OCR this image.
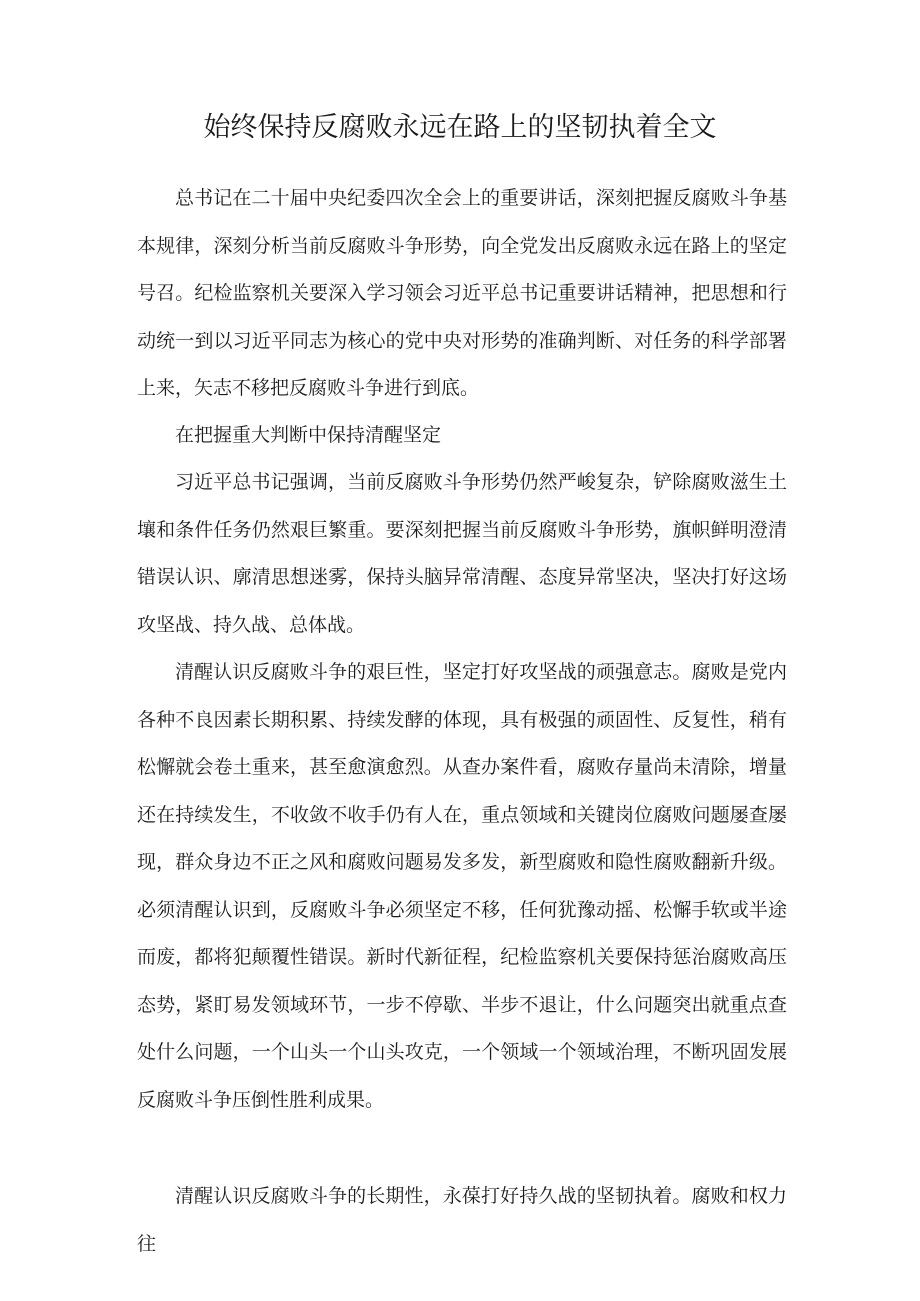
始终保持反腐败永远在路上的坚韧执着全文

总书记在二十届中央纪委四次全会上的重要讲话，深刻把握反腐败斗争基本规律，深刻分析当前反腐败斗争形势，向全党发出反腐败永远在路上的坚定号召。纪检监察机关要深入学习领会习近平总书记重要讲话精神，把思想和行动统一到以习近平同志为核心的党中央对形势的准确判断、对任务的科学部署上来，矢志不移把反腐败斗争进行到底。

在把握重大判断中保持清醒坚定

习近平总书记强调，当前反腐败斗争形势仍然严峻复杂，铲除腐败滋生土壤和条件任务仍然艰巨繁重。要深刻把握当前反腐败斗争形势，旗帜鲜明澄清错误认识、廓清思想迷雾，保持头脑异常清醒、态度异常坚决，坚决打好这场攻坚战、持久战、总体战。

清醒认识反腐败斗争的艰巨性，坚定打好攻坚战的顽强意志。腐败是党内各种不良因素长期积累、持续发酵的体现，具有极强的顽固性、反复性，稍有松懈就会卷土重来，甚至愈演愈烈。从查办案件看，腐败存量尚未清除，增量还在持续发生，不收敛不收手仍有人在，重点领域和关键岗位腐败问题屡查屡现，群众身边不正之风和腐败问题易发多发，新型腐败和隐性腐败翻新升级。必须清醒认识到，反腐败斗争必须坚定不移，任何犹豫动摇、松懈手软或半途而废，都将犯颠覆性错误。新时代新征程，纪检监察机关要保持惩治腐败高压态势，紧盯易发领域环节，一步不停歇、半步不退让，什么问题突出就重点查处什么问题，一个山头一个山头攻克，一个领域一个领域治理，不断巩固发展反腐败斗争压倒性胜利成果。

清醒认识反腐败斗争的长期性，永葆打好持久战的坚韧执着。腐败和权力往
